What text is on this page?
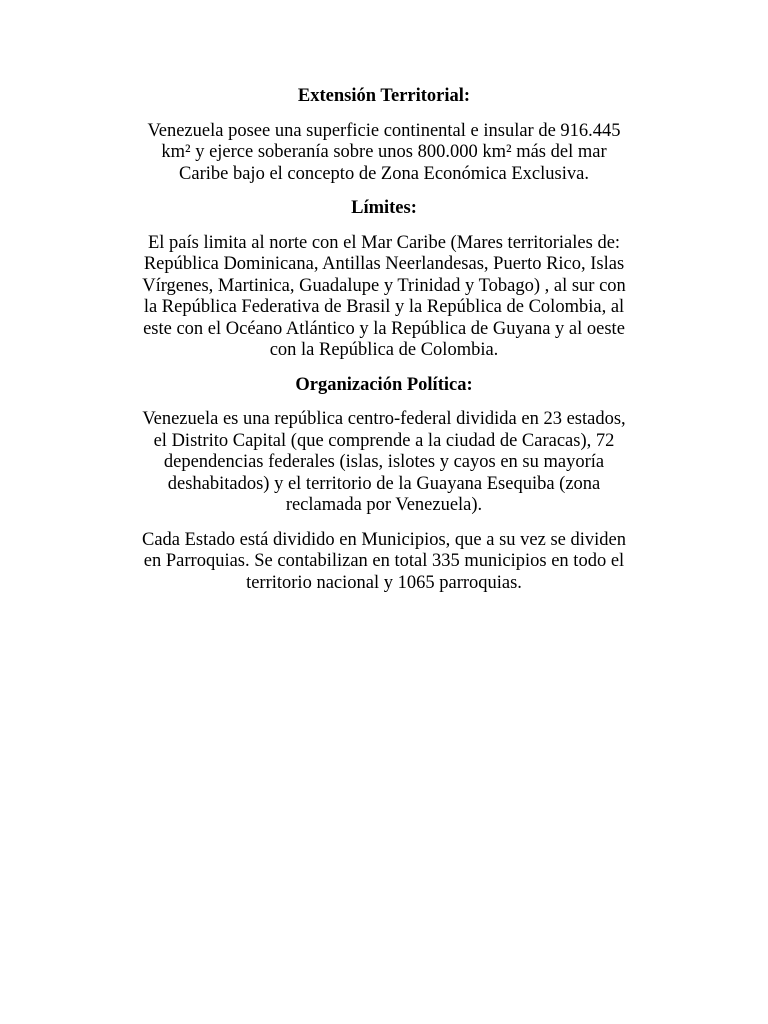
Extensión Territorial:

Venezuela posee una superficie continental e insular de 916.445
km² y ejerce soberanía sobre unos 800.000 km² más del mar
Caribe bajo el concepto de Zona Económica Exclusiva.

Límites:

El país limita al norte con el Mar Caribe (Mares territoriales de:
República Dominicana, Antillas Neerlandesas, Puerto Rico, Islas
Vírgenes, Martinica, Guadalupe y Trinidad y Tobago) , al sur con
la República Federativa de Brasil y la República de Colombia, al
este con el Océano Atlántico y la República de Guyana y al oeste
con la República de Colombia.

Organización Política:

Venezuela es una república centro-federal dividida en 23 estados,
el Distrito Capital (que comprende a la ciudad de Caracas), 72
dependencias federales (islas, islotes y cayos en su mayoría
deshabitados) y el territorio de la Guayana Esequiba (zona
reclamada por Venezuela).

Cada Estado está dividido en Municipios, que a su vez se dividen
en Parroquias. Se contabilizan en total 335 municipios en todo el
territorio nacional y 1065 parroquias.
